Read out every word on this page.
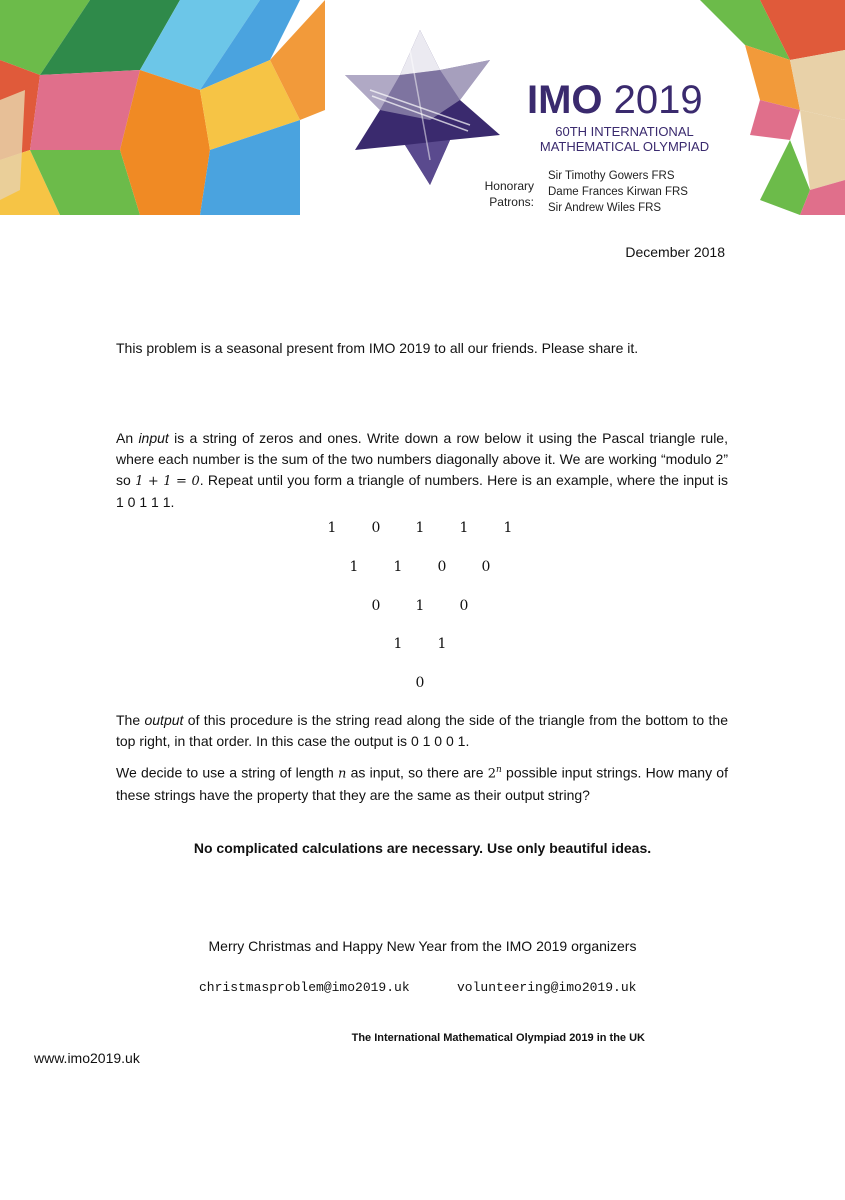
IMO 2019
60TH INTERNATIONAL
MATHEMATICAL OLYMPIAD
Honorary
Patrons:
Sir Timothy Gowers FRS
Dame Frances Kirwan FRS
Sir Andrew Wiles FRS
December 2018
This problem is a seasonal present from IMO 2019 to all our friends. Please share it.
An input is a string of zeros and ones. Write down a row below it using the Pascal triangle rule, where each number is the sum of the two numbers diagonally above it. We are working “modulo 2” so 1 + 1 = 0. Repeat until you form a triangle of numbers. Here is an example, where the input is 1 0 1 1 1.
1	0	1	1	1
1	1	0	0
0	1	0
1	1
0
The output of this procedure is the string read along the side of the triangle from the bottom to the top right, in that order. In this case the output is 0 1 0 0 1.
We decide to use a string of length n as input, so there are 2$^n$ possible input strings. How many of these strings have the property that they are the same as their output string?
No complicated calculations are necessary. Use only beautiful ideas.
Merry Christmas and Happy New Year from the IMO 2019 organizers
christmasproblem@imo2019.uk	volunteering@imo2019.uk
The International Mathematical Olympiad 2019 in the UK
www.imo2019.uk
